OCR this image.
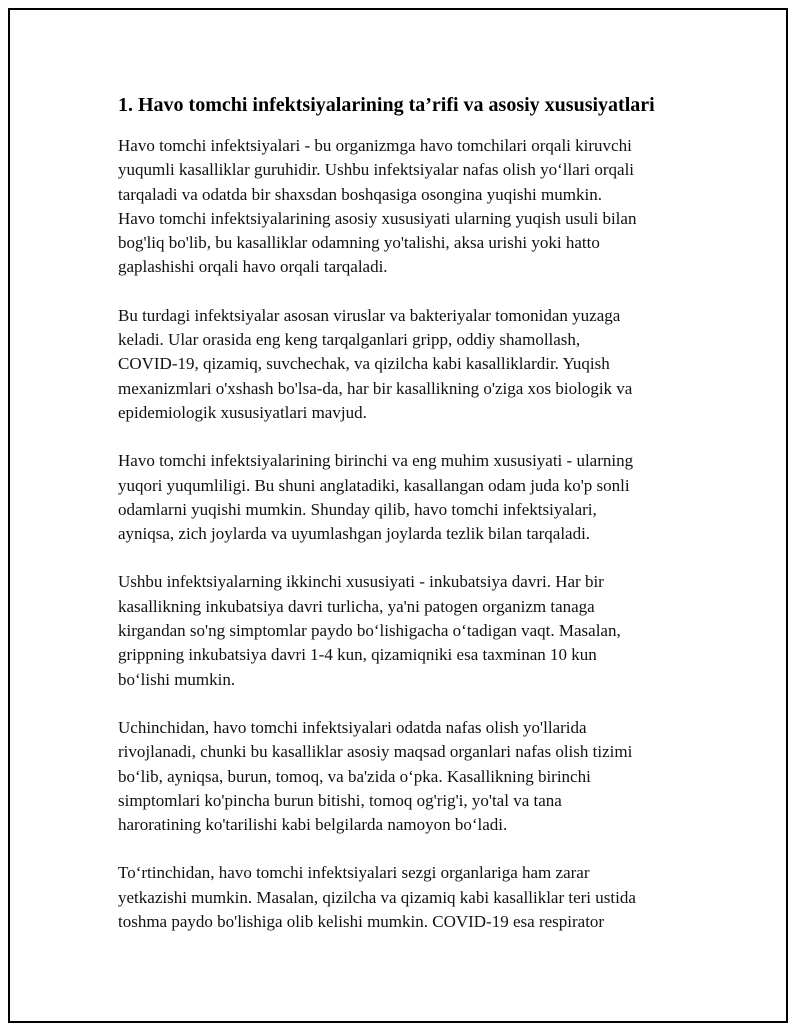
1. Havo tomchi infektsiyalarining ta’rifi va asosiy xususiyatlari
Havo tomchi infektsiyalari - bu organizmga havo tomchilari orqali kiruvchi
yuqumli kasalliklar guruhidir. Ushbu infektsiyalar nafas olish yo‘llari orqali
tarqaladi va odatda bir shaxsdan boshqasiga osongina yuqishi mumkin.
Havo tomchi infektsiyalarining asosiy xususiyati ularning yuqish usuli bilan
bog'liq bo'lib, bu kasalliklar odamning yo'talishi, aksa urishi yoki hatto
gaplashishi orqali havo orqali tarqaladi.
Bu turdagi infektsiyalar asosan viruslar va bakteriyalar tomonidan yuzaga
keladi. Ular orasida eng keng tarqalganlari gripp, oddiy shamollash,
COVID-19, qizamiq, suvchechak, va qizilcha kabi kasalliklardir. Yuqish
mexanizmlari o'xshash bo'lsa-da, har bir kasallikning o'ziga xos biologik va
epidemiologik xususiyatlari mavjud.
Havo tomchi infektsiyalarining birinchi va eng muhim xususiyati - ularning
yuqori yuqumliligi. Bu shuni anglatadiki, kasallangan odam juda ko'p sonli
odamlarni yuqishi mumkin. Shunday qilib, havo tomchi infektsiyalari,
ayniqsa, zich joylarda va uyumlashgan joylarda tezlik bilan tarqaladi.
Ushbu infektsiyalarning ikkinchi xususiyati - inkubatsiya davri. Har bir
kasallikning inkubatsiya davri turlicha, ya'ni patogen organizm tanaga
kirgandan so'ng simptomlar paydo bo‘lishigacha o‘tadigan vaqt. Masalan,
grippning inkubatsiya davri 1-4 kun, qizamiqniki esa taxminan 10 kun
bo‘lishi mumkin.
Uchinchidan, havo tomchi infektsiyalari odatda nafas olish yo'llarida
rivojlanadi, chunki bu kasalliklar asosiy maqsad organlari nafas olish tizimi
bo‘lib, ayniqsa, burun, tomoq, va ba'zida o‘pka. Kasallikning birinchi
simptomlari ko'pincha burun bitishi, tomoq og'rig'i, yo'tal va tana
haroratining ko'tarilishi kabi belgilarda namoyon bo‘ladi.
To‘rtinchidan, havo tomchi infektsiyalari sezgi organlariga ham zarar
yetkazishi mumkin. Masalan, qizilcha va qizamiq kabi kasalliklar teri ustida
toshma paydo bo'lishiga olib kelishi mumkin. COVID-19 esa respirator
